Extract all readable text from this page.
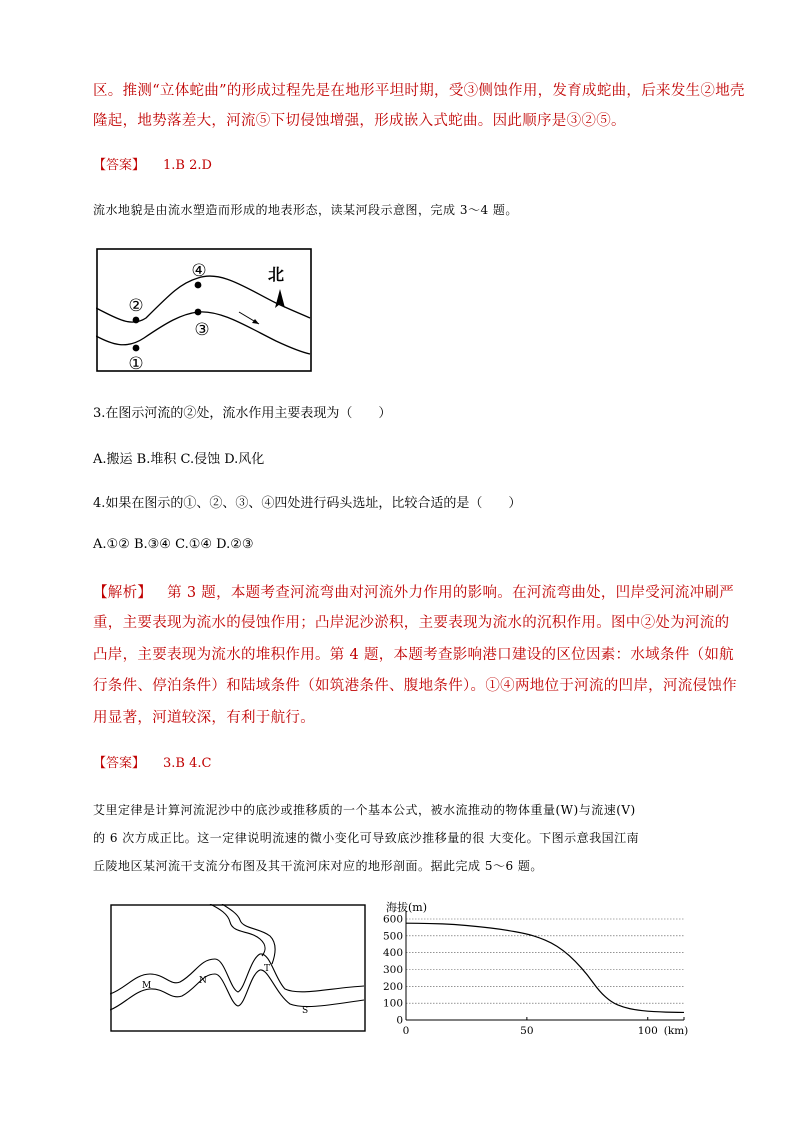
区。推测“立体蛇曲”的形成过程先是在地形平坦时期，受③侧蚀作用，发育成蛇曲，后来发生②地壳
隆起，地势落差大，河流⑤下切侵蚀增强，形成嵌入式蛇曲。因此顺序是③②⑤。
【答案】 1.B 2.D
流水地貌是由流水塑造而形成的地表形态，读某河段示意图，完成 3～4 题。
①
②
③
④	北
3.在图示河流的②处，流水作用主要表现为（　　）
A.搬运 B.堆积 C.侵蚀 D.风化
4.如果在图示的①、②、③、④四处进行码头选址，比较合适的是（　　）
A.①② B.③④ C.①④ D.②③
【解析】 第 3 题，本题考查河流弯曲对河流外力作用的影响。在河流弯曲处，凹岸受河流冲刷严
重，主要表现为流水的侵蚀作用；凸岸泥沙淤积，主要表现为流水的沉积作用。图中②处为河流的
凸岸，主要表现为流水的堆积作用。第 4 题，本题考查影响港口建设的区位因素：水域条件（如航
行条件、停泊条件）和陆域条件（如筑港条件、腹地条件）。①④两地位于河流的凹岸，河流侵蚀作
用显著，河道较深，有利于航行。
【答案】 3.B 4.C
艾里定律是计算河流泥沙中的底沙或推移质的一个基本公式，被水流推动的物体重量(W)与流速(V)
的 6 次方成正比。这一定律说明流速的微小变化可导致底沙推移量的很 大变化。下图示意我国江南
丘陵地区某河流干支流分布图及其干流河床对应的地形剖面。据此完成 5～6 题。
M	N
T
S
0
100
200
300
400
500
600
0	50	100
海拔(m)
(km)
